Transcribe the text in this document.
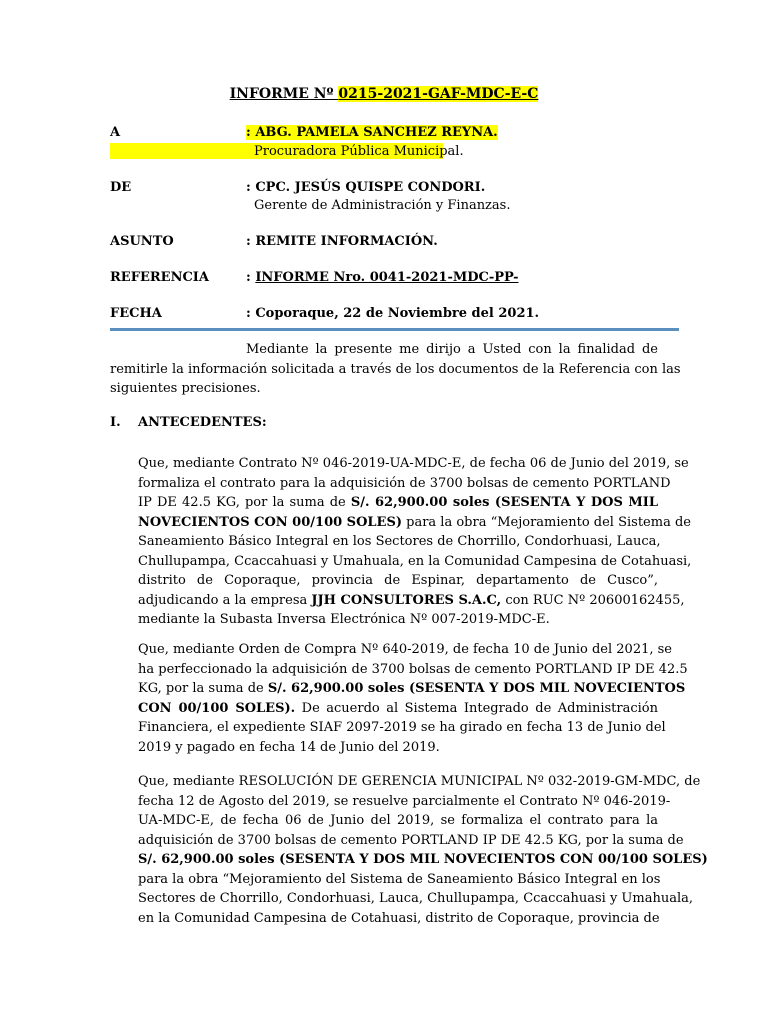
INFORME Nº 0215-2021-GAF-MDC-E-C
A	: ABG. PAMELA SANCHEZ REYNA.
Procuradora Pública Municipal.
DE	: CPC. JESÚS QUISPE CONDORI.
Gerente de Administración y Finanzas.
ASUNTO	: REMITE INFORMACIÓN.
REFERENCIA	: INFORME Nro. 0041-2021-MDC-PP-
FECHA	: Coporaque, 22 de Noviembre del 2021.
Mediante la presente me dirijo a Usted con la finalidad de
remitirle la información solicitada a través de los documentos de la Referencia con las
siguientes precisiones.
I. ANTECEDENTES:
Que, mediante Contrato Nº 046-2019-UA-MDC-E, de fecha 06 de Junio del 2019, se
formaliza el contrato para la adquisición de 3700 bolsas de cemento PORTLAND
IP DE 42.5 KG, por la suma de S/. 62,900.00 soles (SESENTA Y DOS MIL
NOVECIENTOS CON 00/100 SOLES) para la obra “Mejoramiento del Sistema de
Saneamiento Básico Integral en los Sectores de Chorrillo, Condorhuasi, Lauca,
Chullupampa, Ccaccahuasi y Umahuala, en la Comunidad Campesina de Cotahuasi,
distrito de Coporaque, provincia de Espinar, departamento de Cusco”,
adjudicando a la empresa JJH CONSULTORES S.A.C, con RUC Nº 20600162455,
mediante la Subasta Inversa Electrónica Nº 007-2019-MDC-E.
Que, mediante Orden de Compra Nº 640-2019, de fecha 10 de Junio del 2021, se
ha perfeccionado la adquisición de 3700 bolsas de cemento PORTLAND IP DE 42.5
KG, por la suma de S/. 62,900.00 soles (SESENTA Y DOS MIL NOVECIENTOS
CON 00/100 SOLES). De acuerdo al Sistema Integrado de Administración
Financiera, el expediente SIAF 2097-2019 se ha girado en fecha 13 de Junio del
2019 y pagado en fecha 14 de Junio del 2019.
Que, mediante RESOLUCIÓN DE GERENCIA MUNICIPAL Nº 032-2019-GM-MDC, de
fecha 12 de Agosto del 2019, se resuelve parcialmente el Contrato Nº 046-2019-
UA-MDC-E, de fecha 06 de Junio del 2019, se formaliza el contrato para la
adquisición de 3700 bolsas de cemento PORTLAND IP DE 42.5 KG, por la suma de
S/. 62,900.00 soles (SESENTA Y DOS MIL NOVECIENTOS CON 00/100 SOLES)
para la obra “Mejoramiento del Sistema de Saneamiento Básico Integral en los
Sectores de Chorrillo, Condorhuasi, Lauca, Chullupampa, Ccaccahuasi y Umahuala,
en la Comunidad Campesina de Cotahuasi, distrito de Coporaque, provincia de
